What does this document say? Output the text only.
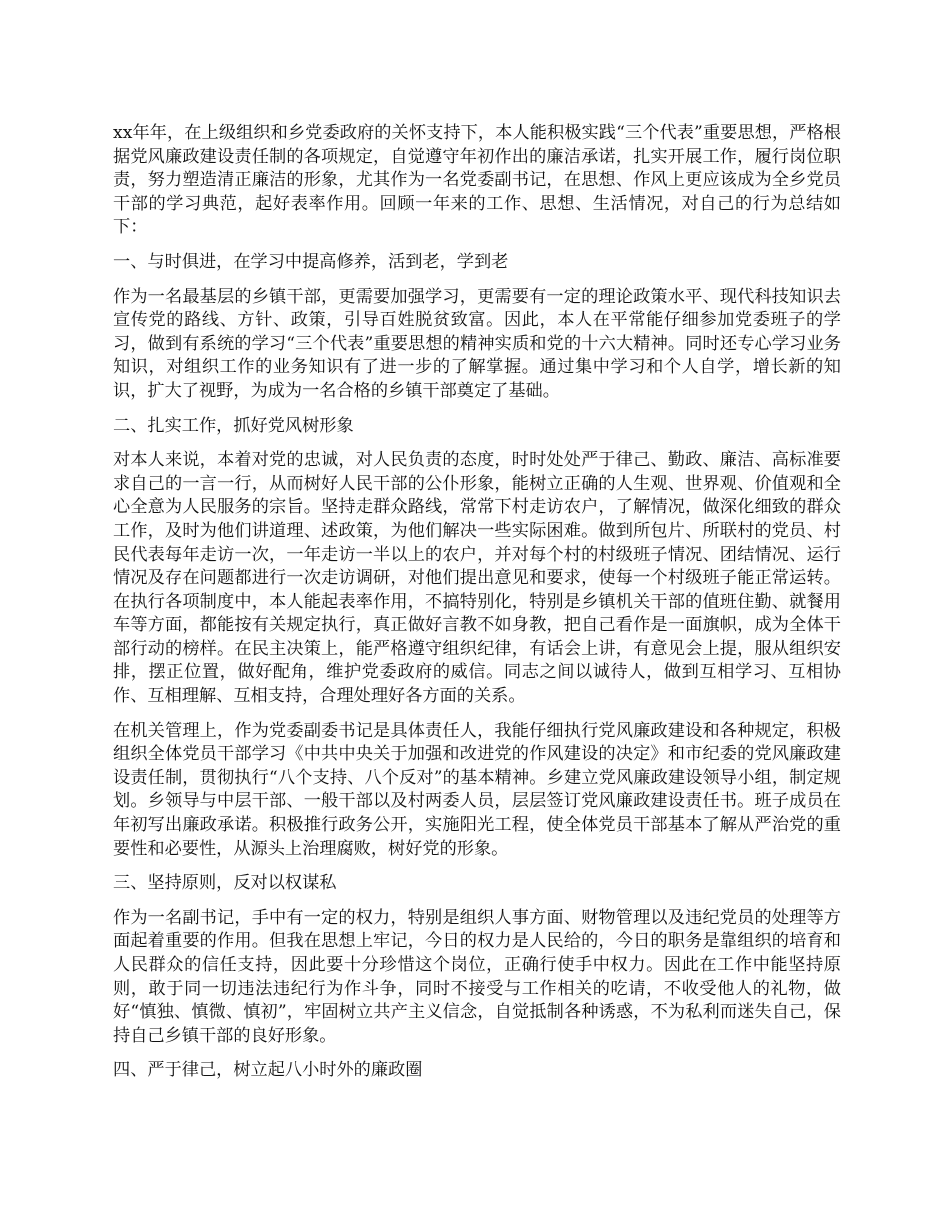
xx年年，在上级组织和乡党委政府的关怀支持下，本人能积极实践“三个代表”重要思想，严格根据党风廉政建设责任制的各项规定，自觉遵守年初作出的廉洁承诺，扎实开展工作，履行岗位职责，努力塑造清正廉洁的形象，尤其作为一名党委副书记，在思想、作风上更应该成为全乡党员干部的学习典范，起好表率作用。回顾一年来的工作、思想、生活情况，对自己的行为总结如下：

一、与时俱进，在学习中提高修养，活到老，学到老

作为一名最基层的乡镇干部，更需要加强学习，更需要有一定的理论政策水平、现代科技知识去宣传党的路线、方针、政策，引导百姓脱贫致富。因此，本人在平常能仔细参加党委班子的学习，做到有系统的学习“三个代表”重要思想的精神实质和党的十六大精神。同时还专心学习业务知识，对组织工作的业务知识有了进一步的了解掌握。通过集中学习和个人自学，增长新的知识，扩大了视野，为成为一名合格的乡镇干部奠定了基础。

二、扎实工作，抓好党风树形象

对本人来说，本着对党的忠诚，对人民负责的态度，时时处处严于律己、勤政、廉洁、高标准要求自己的一言一行，从而树好人民干部的公仆形象，能树立正确的人生观、世界观、价值观和全心全意为人民服务的宗旨。坚持走群众路线，常常下村走访农户，了解情况，做深化细致的群众工作，及时为他们讲道理、述政策，为他们解决一些实际困难。做到所包片、所联村的党员、村民代表每年走访一次，一年走访一半以上的农户，并对每个村的村级班子情况、团结情况、运行情况及存在问题都进行一次走访调研，对他们提出意见和要求，使每一个村级班子能正常运转。在执行各项制度中，本人能起表率作用，不搞特别化，特别是乡镇机关干部的值班住勤、就餐用车等方面，都能按有关规定执行，真正做好言教不如身教，把自己看作是一面旗帜，成为全体干部行动的榜样。在民主决策上，能严格遵守组织纪律，有话会上讲，有意见会上提，服从组织安排，摆正位置，做好配角，维护党委政府的威信。同志之间以诚待人，做到互相学习、互相协作、互相理解、互相支持，合理处理好各方面的关系。

在机关管理上，作为党委副委书记是具体责任人，我能仔细执行党风廉政建设和各种规定，积极组织全体党员干部学习《中共中央关于加强和改进党的作风建设的决定》和市纪委的党风廉政建设责任制，贯彻执行“八个支持、八个反对”的基本精神。乡建立党风廉政建设领导小组，制定规划。乡领导与中层干部、一般干部以及村两委人员，层层签订党风廉政建设责任书。班子成员在年初写出廉政承诺。积极推行政务公开，实施阳光工程，使全体党员干部基本了解从严治党的重要性和必要性，从源头上治理腐败，树好党的形象。

三、坚持原则，反对以权谋私

作为一名副书记，手中有一定的权力，特别是组织人事方面、财物管理以及违纪党员的处理等方面起着重要的作用。但我在思想上牢记，今日的权力是人民给的，今日的职务是靠组织的培育和人民群众的信任支持，因此要十分珍惜这个岗位，正确行使手中权力。因此在工作中能坚持原则，敢于同一切违法违纪行为作斗争，同时不接受与工作相关的吃请，不收受他人的礼物，做好“慎独、慎微、慎初”，牢固树立共产主义信念，自觉抵制各种诱惑，不为私利而迷失自己，保持自己乡镇干部的良好形象。

四、严于律己，树立起八小时外的廉政圈
